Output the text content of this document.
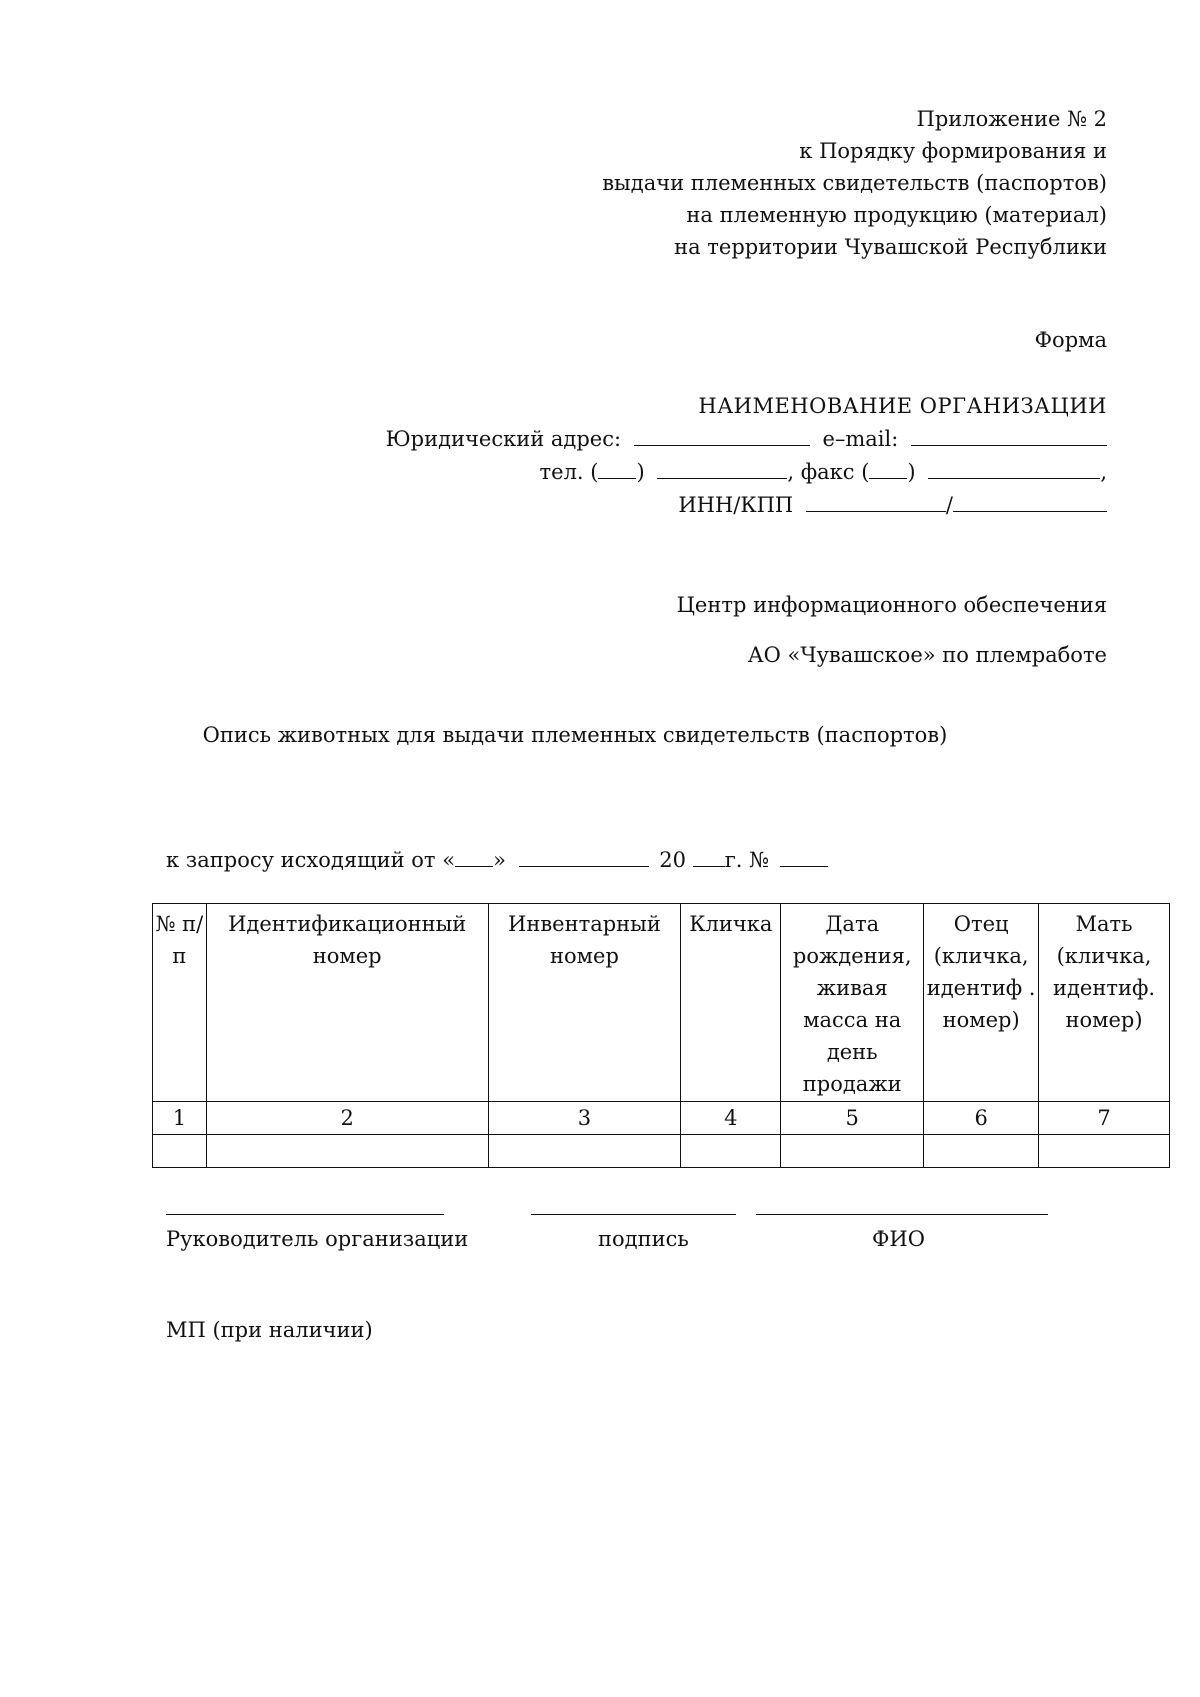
Приложение № 2
к Порядку формирования и
выдачи племенных свидетельств (паспортов)
на племенную продукцию (материал)
на территории Чувашской Республики
Форма
НАИМЕНОВАНИЕ ОРГАНИЗАЦИИ
Юридический адрес:	e–mail:
тел. ( )	, факс ( )	,
ИНН/КПП	/
Центр информационного обеспечения
АО «Чувашское» по племработе
Опись животных для выдачи племенных свидетельств (паспортов)
к запросу исходящий от « »	20 г. №
№ п/ п	Идентификационный номер	Инвентарный номер	Кличка	Дата рождения, живая масса на день продажи	Отец (кличка, идентиф . номер)	Мать (кличка, идентиф. номер)
1	2	3	4	5	6	7

Руководитель организации	подпись	ФИО
МП (при наличии)
